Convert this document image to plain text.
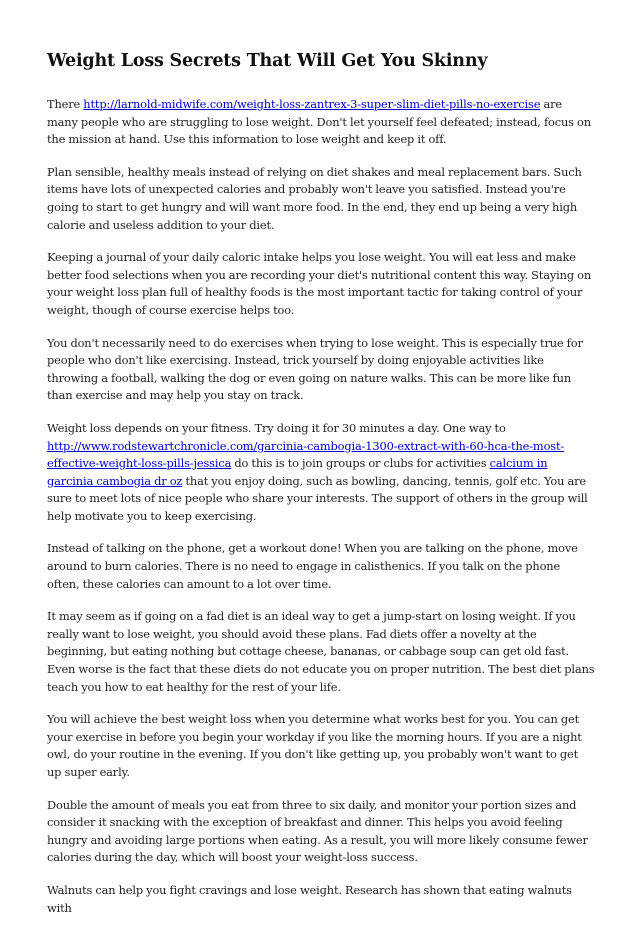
Weight Loss Secrets That Will Get You Skinny

There http://larnold-midwife.com/weight-loss-zantrex-3-super-slim-diet-pills-no-exercise are many people who are struggling to lose weight. Don't let yourself feel defeated; instead, focus on the mission at hand. Use this information to lose weight and keep it off.

Plan sensible, healthy meals instead of relying on diet shakes and meal replacement bars. Such items have lots of unexpected calories and probably won't leave you satisfied. Instead you're going to start to get hungry and will want more food. In the end, they end up being a very high calorie and useless addition to your diet.

Keeping a journal of your daily caloric intake helps you lose weight. You will eat less and make better food selections when you are recording your diet's nutritional content this way. Staying on your weight loss plan full of healthy foods is the most important tactic for taking control of your weight, though of course exercise helps too.

You don't necessarily need to do exercises when trying to lose weight. This is especially true for people who don't like exercising. Instead, trick yourself by doing enjoyable activities like throwing a football, walking the dog or even going on nature walks. This can be more like fun than exercise and may help you stay on track.

Weight loss depends on your fitness. Try doing it for 30 minutes a day. One way to http://www.rodstewartchronicle.com/garcinia-cambogia-1300-extract-with-60-hca-the-most-effective-weight-loss-pills-jessica do this is to join groups or clubs for activities calcium in garcinia cambogia dr oz that you enjoy doing, such as bowling, dancing, tennis, golf etc. You are sure to meet lots of nice people who share your interests. The support of others in the group will help motivate you to keep exercising.

Instead of talking on the phone, get a workout done! When you are talking on the phone, move around to burn calories. There is no need to engage in calisthenics. If you talk on the phone often, these calories can amount to a lot over time.

It may seem as if going on a fad diet is an ideal way to get a jump-start on losing weight. If you really want to lose weight, you should avoid these plans. Fad diets offer a novelty at the beginning, but eating nothing but cottage cheese, bananas, or cabbage soup can get old fast. Even worse is the fact that these diets do not educate you on proper nutrition. The best diet plans teach you how to eat healthy for the rest of your life.

You will achieve the best weight loss when you determine what works best for you. You can get your exercise in before you begin your workday if you like the morning hours. If you are a night owl, do your routine in the evening. If you don't like getting up, you probably won't want to get up super early.

Double the amount of meals you eat from three to six daily, and monitor your portion sizes and consider it snacking with the exception of breakfast and dinner. This helps you avoid feeling hungry and avoiding large portions when eating. As a result, you will more likely consume fewer calories during the day, which will boost your weight-loss success.

Walnuts can help you fight cravings and lose weight. Research has shown that eating walnuts with
